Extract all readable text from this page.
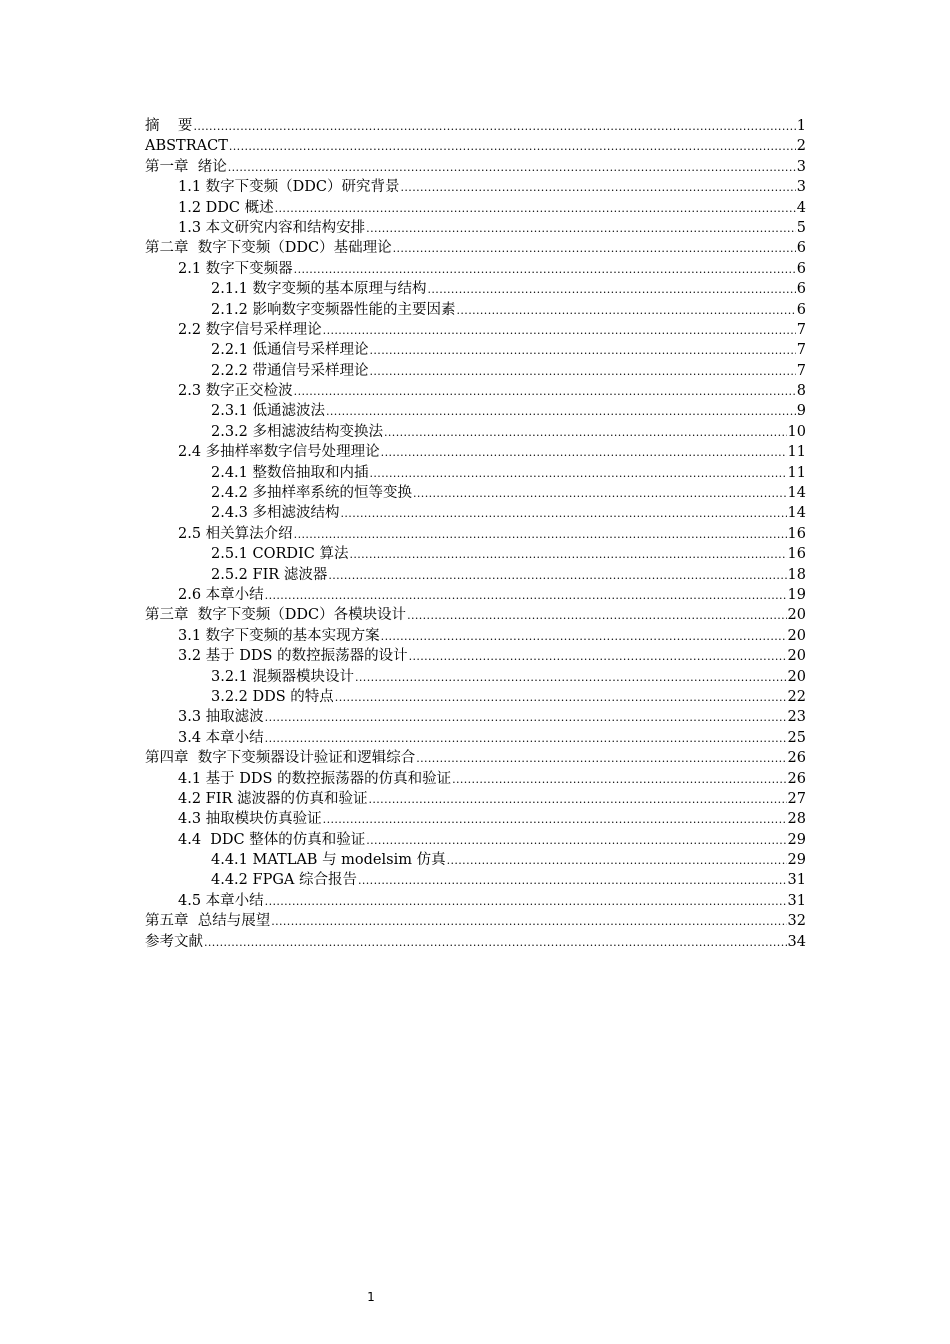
摘    要 .....	1
ABSTRACT .....	2
第一章  绪论 .....	3
1.1 数字下变频（DDC）研究背景 .....	3
1.2 DDC 概述 .....	4
1.3 本文研究内容和结构安排 .....	5
第二章  数字下变频（DDC）基础理论 .....	6
2.1 数字下变频器 .....	6
2.1.1 数字变频的基本原理与结构 .....	6
2.1.2 影响数字变频器性能的主要因素 .....	6
2.2 数字信号采样理论 .....	7
2.2.1 低通信号采样理论 .....	7
2.2.2 带通信号采样理论 .....	7
2.3 数字正交检波 .....	8
2.3.1 低通滤波法 .....	9
2.3.2 多相滤波结构变换法 .....	10
2.4 多抽样率数字信号处理理论 .....	11
2.4.1 整数倍抽取和内插 .....	11
2.4.2 多抽样率系统的恒等变换 .....	14
2.4.3 多相滤波结构 .....	14
2.5 相关算法介绍 .....	16
2.5.1 CORDIC 算法 .....	16
2.5.2 FIR 滤波器 .....	18
2.6 本章小结 .....	19
第三章  数字下变频（DDC）各模块设计 .....	20
3.1 数字下变频的基本实现方案 .....	20
3.2 基于 DDS 的数控振荡器的设计 .....	20
3.2.1 混频器模块设计 .....	20
3.2.2 DDS 的特点 .....	22
3.3 抽取滤波 .....	23
3.4 本章小结 .....	25
第四章  数字下变频器设计验证和逻辑综合 .....	26
4.1 基于 DDS 的数控振荡器的仿真和验证 .....	26
4.2 FIR 滤波器的仿真和验证 .....	27
4.3 抽取模块仿真验证 .....	28
4.4  DDC 整体的仿真和验证 .....	29
4.4.1 MATLAB 与 modelsim 仿真 .....	29
4.4.2 FPGA 综合报告 .....	31
4.5 本章小结 .....	31
第五章  总结与展望 .....	32
参考文献 .....	34
1
